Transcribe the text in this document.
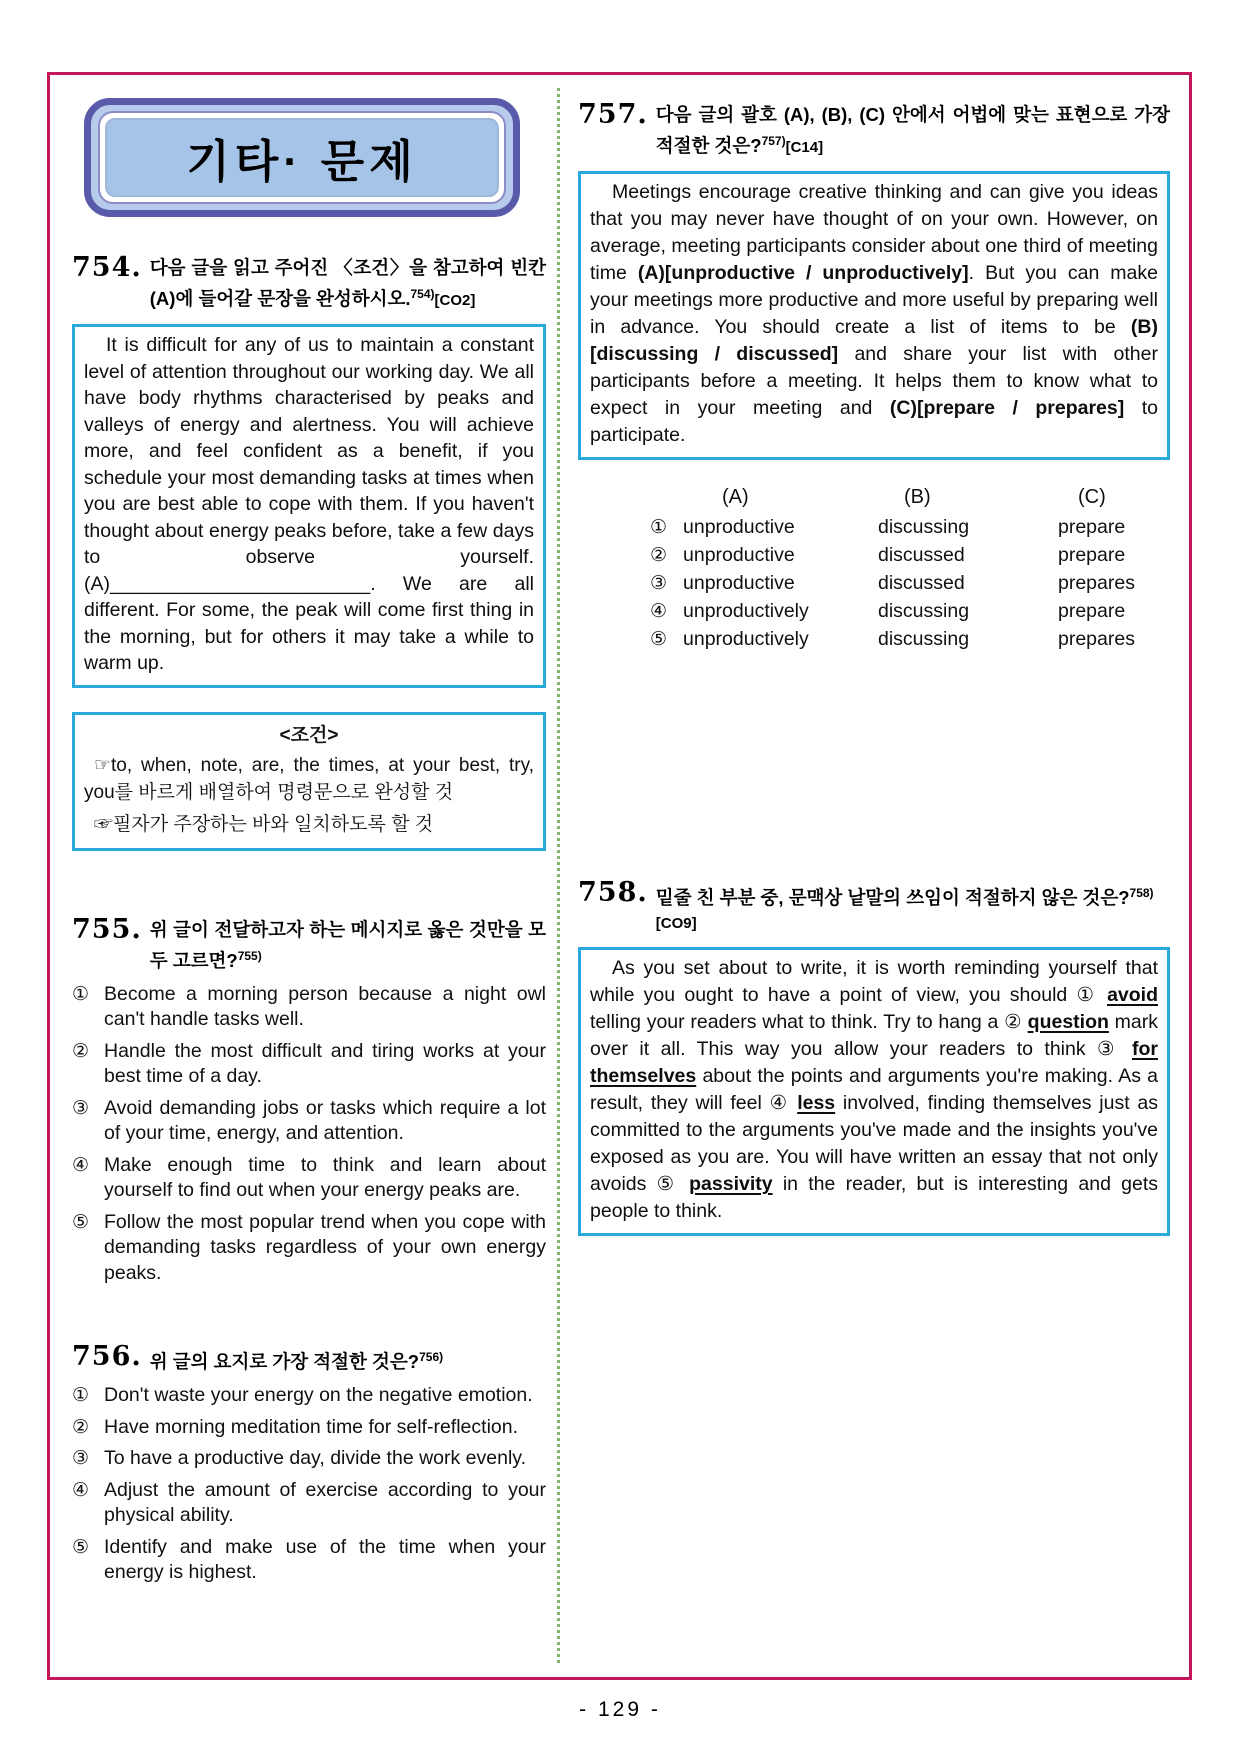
기타· 문제
754. 다음 글을 읽고 주어진 〈조건〉을 참고하여 빈칸 (A)에 들어갈 문장을 완성하시오.$^{754)}$[CO2]

It is difficult for any of us to maintain a constant level of attention throughout our working day. We all have body rhythms characterised by peaks and valleys of energy and alertness. You will achieve more, and feel confident as a benefit, if you schedule your most demanding tasks at times when you are best able to cope with them. If you haven't thought about energy peaks before, take a few days to observe yourself. (A)________________________. We are all different. For some, the peak will come first thing in the morning, but for others it may take a while to warm up.

<조건>

☞to, when, note, are, the times, at your best, try, you를 바르게 배열하여 명령문으로 완성할 것

☞필자가 주장하는 바와 일치하도록 할 것

755. 위 글이 전달하고자 하는 메시지로 옳은 것만을 모두 고르면?$^{755)}$
① Become a morning person because a night owl can't handle tasks well.
② Handle the most difficult and tiring works at your best time of a day.
③ Avoid demanding jobs or tasks which require a lot of your time, energy, and attention.
④ Make enough time to think and learn about yourself to find out when your energy peaks are.
⑤ Follow the most popular trend when you cope with demanding tasks regardless of your own energy peaks.
756. 위 글의 요지로 가장 적절한 것은?$^{756)}$
① Don't waste your energy on the negative emotion.
② Have morning meditation time for self-reflection.
③ To have a productive day, divide the work evenly.
④ Adjust the amount of exercise according to your physical ability.
⑤ Identify and make use of the time when your energy is highest.
757. 다음 글의 괄호 (A), (B), (C) 안에서 어법에 맞는 표현으로 가장 적절한 것은?$^{757)}$[C14]

Meetings encourage creative thinking and can give you ideas that you may never have thought of on your own. However, on average, meeting participants consider about one third of meeting time (A)[unproductive / unproductively]. But you can make your meetings more productive and more useful by preparing well in advance. You should create a list of items to be (B)[discussing / discussed] and share your list with other participants before a meeting. It helps them to know what to expect in your meeting and (C)[prepare / prepares] to participate.

(A)	(B)	(C)
① unproductive	discussing	prepare
② unproductive	discussed	prepare
③ unproductive	discussed	prepares
④ unproductively	discussing	prepare
⑤ unproductively	discussing	prepares
758. 밑줄 친 부분 중, 문맥상 낱말의 쓰임이 적절하지 않은 것은?$^{758)}$
[CO9]

As you set about to write, it is worth reminding yourself that while you ought to have a point of view, you should ① avoid telling your readers what to think. Try to hang a ② question mark over it all. This way you allow your readers to think ③ for themselves about the points and arguments you're making. As a result, they will feel ④ less involved, finding themselves just as committed to the arguments you've made and the insights you've exposed as you are. You will have written an essay that not only avoids ⑤ passivity in the reader, but is interesting and gets people to think.

- 129 -
